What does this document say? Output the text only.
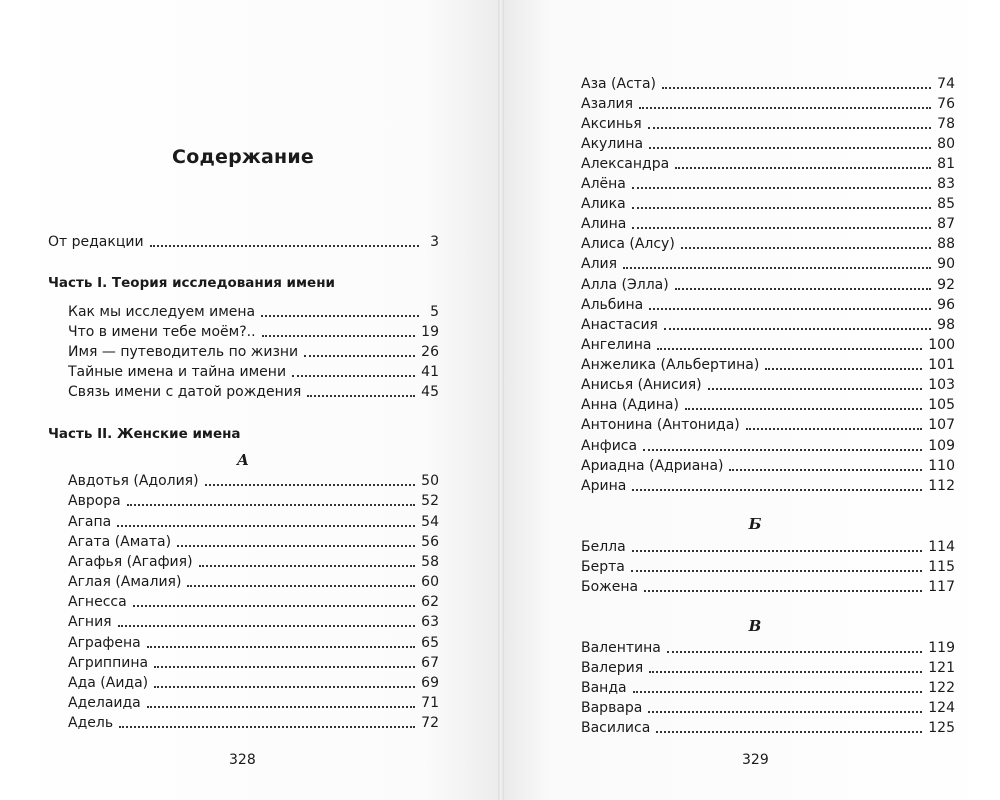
Содержание
От редакции	3
Часть I. Теория исследования имени
Как мы исследуем имена	5
Что в имени тебе моём?..	19
Имя — путеводитель по жизни	26
Тайные имена и тайна имени	41
Связь имени с датой рождения	45
Часть II. Женские имена
А
Авдотья (Адолия)	50
Аврора	52
Агапа	54
Агата (Амата)	56
Агафья (Агафия)	58
Аглая (Амалия)	60
Агнесса	62
Агния	63
Аграфена	65
Агриппина	67
Ада (Аида)	69
Аделаида	71
Адель	72
328
Аза (Аста)	74
Азалия	76
Аксинья	78
Акулина	80
Александра	81
Алёна	83
Алика	85
Алина	87
Алиса (Алсу)	88
Алия	90
Алла (Элла)	92
Альбина	96
Анастасия	98
Ангелина	100
Анжелика (Альбертина)	101
Анисья (Анисия)	103
Анна (Адина)	105
Антонина (Антонида)	107
Анфиса	109
Ариадна (Адриана)	110
Арина	112
Б
Белла	114
Берта	115
Божена	117
В
Валентина	119
Валерия	121
Ванда	122
Варвара	124
Василиса	125
329
